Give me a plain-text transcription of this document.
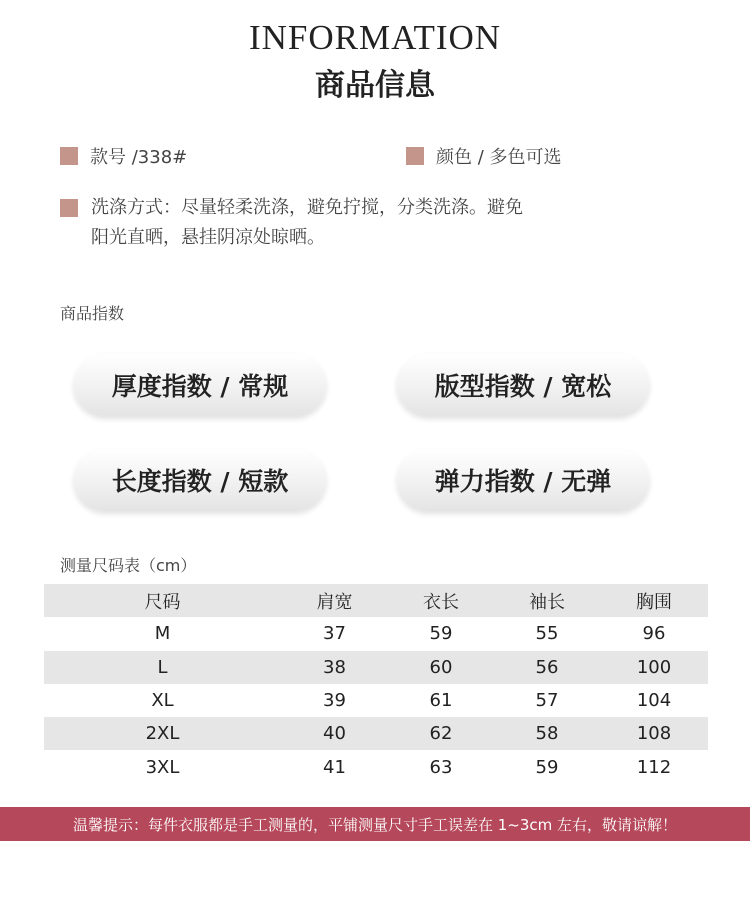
INFORMATION
商品信息
款号 /338#	颜色 / 多色可选
洗涤方式：尽量轻柔洗涤，避免拧搅，分类洗涤。避免
阳光直晒，悬挂阴凉处晾晒。
商品指数
厚度指数 / 常规	版型指数 / 宽松
长度指数 / 短款	弹力指数 / 无弹
测量尺码表（cm）
尺码	肩宽	衣长	袖长	胸围
M	37	59	55	96
L	38	60	56	100
XL	39	61	57	104
2XL	40	62	58	108
3XL	41	63	59	112
温馨提示：每件衣服都是手工测量的，平铺测量尺寸手工误差在 1~3cm 左右，敬请谅解！
